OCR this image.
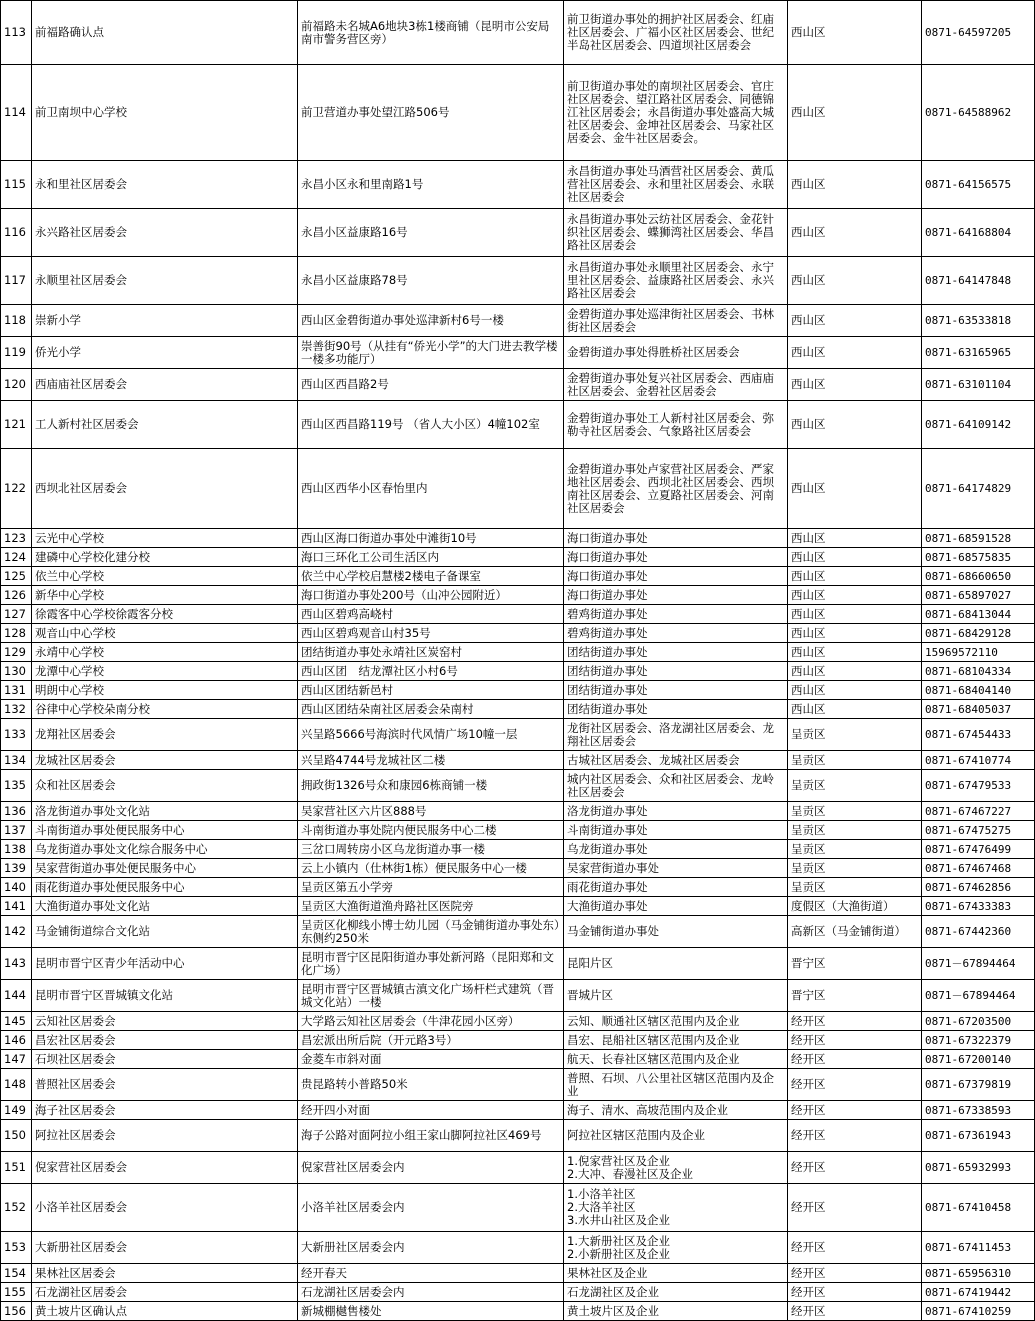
113	前福路确认点	前福路未名城A6地块3栋1楼商铺（昆明市公安局南市警务营区旁）	前卫街道办事处的拥护社区居委会、红庙社区居委会、广福小区社区居委会、世纪半岛社区居委会、四道坝社区居委会	西山区	0871-64597205
114	前卫南坝中心学校	前卫营道办事处望江路506号	前卫街道办事处的南坝社区居委会、官庄社区居委会、望江路社区居委会、同德锦江社区居委会；永昌街道办事处盛高大城社区居委会、金坤社区居委会、马家社区居委会、金牛社区居委会。	西山区	0871-64588962
115	永和里社区居委会	永昌小区永和里南路1号	永昌街道办事处马酒营社区居委会、黄瓜营社区居委会、永和里社区居委会、永联社区居委会	西山区	0871-64156575
116	永兴路社区居委会	永昌小区益康路16号	永昌街道办事处云纺社区居委会、金花针织社区居委会、蝶狮湾社区居委会、华昌路社区居委会	西山区	0871-64168804
117	永顺里社区居委会	永昌小区益康路78号	永昌街道办事处永顺里社区居委会、永宁里社区居委会、益康路社区居委会、永兴路社区居委会	西山区	0871-64147848
118	崇新小学	西山区金碧街道办事处巡津新村6号一楼	金碧街道办事处巡津街社区居委会、书林街社区居委会	西山区	0871-63533818
119	侨光小学	崇善街90号（从挂有“侨光小学”的大门进去教学楼一楼多功能厅）	金碧街道办事处得胜桥社区居委会	西山区	0871-63165965
120	西庙庙社区居委会	西山区西昌路2号	金碧街道办事处复兴社区居委会、西庙庙社区居委会、金碧社区居委会	西山区	0871-63101104
121	工人新村社区居委会	西山区西昌路119号 （省人大小区）4幢102室	金碧街道办事处工人新村社区居委会、弥勒寺社区居委会、气象路社区居委会	西山区	0871-64109142
122	西坝北社区居委会	西山区西华小区春怡里内	金碧街道办事处卢家营社区居委会、严家地社区居委会、西坝北社区居委会、西坝南社区居委会、立夏路社区居委会、河南社区居委会	西山区	0871-64174829
123	云光中心学校	西山区海口街道办事处中滩街10号	海口街道办事处	西山区	0871-68591528
124	建磷中心学校化建分校	海口三环化工公司生活区内	海口街道办事处	西山区	0871-68575835
125	依兰中心学校	依兰中心学校启慧楼2楼电子备课室	海口街道办事处	西山区	0871-68660650
126	新华中心学校	海口街道办事处200号（山冲公园附近）	海口街道办事处	西山区	0871-65897027
127	徐霞客中心学校徐霞客分校	西山区碧鸡高峣村	碧鸡街道办事处	西山区	0871-68413044
128	观音山中心学校	西山区碧鸡观音山村35号	碧鸡街道办事处	西山区	0871-68429128
129	永靖中心学校	团结街道办事处永靖社区炭窑村	团结街道办事处	西山区	15969572110
130	龙潭中心学校	西山区团　结龙潭社区小村6号	团结街道办事处	西山区	0871-68104334
131	明朗中心学校	西山区团结新邑村	团结街道办事处	西山区	0871-68404140
132	谷律中心学校朵南分校	西山区团结朵南社区居委会朵南村	团结街道办事处	西山区	0871-68405037
133	龙翔社区居委会	兴呈路5666号海滨时代风情广场10幢一层	龙街社区居委会、洛龙湖社区居委会、龙翔社区居委会	呈贡区	0871-67454433
134	龙城社区居委会	兴呈路4744号龙城社区二楼	古城社区居委会、龙城社区居委会	呈贡区	0871-67410774
135	众和社区居委会	拥政街1326号众和康园6栋商铺一楼	城内社区居委会、众和社区居委会、龙岭社区居委会	呈贡区	0871-67479533
136	洛龙街道办事处文化站	吴家营社区六片区888号	洛龙街道办事处	呈贡区	0871-67467227
137	斗南街道办事处便民服务中心	斗南街道办事处院内便民服务中心二楼	斗南街道办事处	呈贡区	0871-67475275
138	乌龙街道办事处文化综合服务中心	三岔口周转房小区乌龙街道办事一楼	乌龙街道办事处	呈贡区	0871-67476499
139	吴家营街道办事处便民服务中心	云上小镇内（仕林街1栋）便民服务中心一楼	吴家营街道办事处	呈贡区	0871-67467468
140	雨花街道办事处便民服务中心	呈贡区第五小学旁	雨花街道办事处	呈贡区	0871-67462856
141	大渔街道办事处文化站	呈贡区大渔街道渔舟路社区医院旁	大渔街道办事处	度假区（大渔街道）	0871-67433383
142	马金铺街道综合文化站	呈贡区化柳线小博士幼儿园（马金铺街道办事处东）东侧约250米	马金铺街道办事处	高新区（马金铺街道）	0871-67442360
143	昆明市晋宁区青少年活动中心	昆明市晋宁区昆阳街道办事处新河路（昆阳郑和文化广场）	昆阳片区	晋宁区	0871－67894464
144	昆明市晋宁区晋城镇文化站	昆明市晋宁区晋城镇古滇文化广场杆栏式建筑（晋城文化站）一楼	晋城片区	晋宁区	0871－67894464
145	云知社区居委会	大学路云知社区居委会（牛津花园小区旁）	云知、顺通社区辖区范围内及企业	经开区	0871-67203500
146	昌宏社区居委会	昌宏派出所后院（开元路3号）	昌宏、昆船社区辖区范围内及企业	经开区	0871-67322379
147	石坝社区居委会	金菱车市斜对面	航天、长春社区辖区范围内及企业	经开区	0871-67200140
148	普照社区居委会	贵昆路转小普路50米	普照、石坝、八公里社区辖区范围内及企业	经开区	0871-67379819
149	海子社区居委会	经开四小对面	海子、清水、高坡范围内及企业	经开区	0871-67338593
150	阿拉社区居委会	海子公路对面阿拉小组王家山脚阿拉社区469号	阿拉社区辖区范围内及企业	经开区	0871-67361943
151	倪家营社区居委会	倪家营社区居委会内	1.倪家营社区及企业
2.大冲、春漫社区及企业	经开区	0871-65932993
152	小洛羊社区居委会	小洛羊社区居委会内	1.小洛羊社区
2.大洛羊社区
3.水井山社区及企业	经开区	0871-67410458
153	大新册社区居委会	大新册社区居委会内	1.大新册社区及企业
2.小新册社区及企业	经开区	0871-67411453
154	果林社区居委会	经开春天	果林社区及企业	经开区	0871-65956310
155	石龙湖社区居委会	石龙湖社区居委会内	石龙湖社区及企业	经开区	0871-67419442
156	黄土坡片区确认点	新城棚樾售楼处	黄土坡片区及企业	经开区	0871-67410259
